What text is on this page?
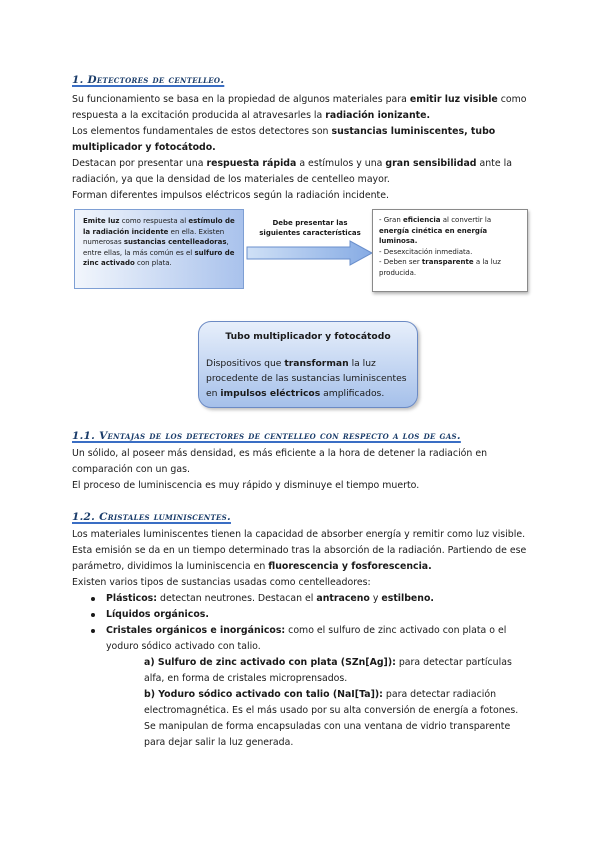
1. Detectores de centelleo.

Su funcionamiento se basa en la propiedad de algunos materiales para emitir luz visible como respuesta a la excitación producida al atravesarles la radiación ionizante.

Los elementos fundamentales de estos detectores son sustancias luminiscentes, tubo multiplicador y fotocátodo.

Destacan por presentar una respuesta rápida a estímulos y una gran sensibilidad ante la radiación, ya que la densidad de los materiales de centelleo mayor.

Forman diferentes impulsos eléctricos según la radiación incidente.

Emite luz como respuesta al estímulo de la radiación incidente en ella. Existen numerosas sustancias centelleadoras, entre ellas, la más común es el sulfuro de zinc activado con plata.
Debe presentar las siguientes características

- Gran eficiencia al convertir la energía cinética en energía luminosa.

- Desexcitación inmediata.

- Deben ser transparente a la luz producida.

Tubo multiplicador y fotocátodo
Dispositivos que transforman la luz procedente de las sustancias luminiscentes en impulsos eléctricos amplificados.
1.1. Ventajas de los detectores de centelleo con respecto a los de gas.

Un sólido, al poseer más densidad, es más eficiente a la hora de detener la radiación en comparación con un gas.

El proceso de luminiscencia es muy rápido y disminuye el tiempo muerto.

1.2. Cristales luminiscentes.

Los materiales luminiscentes tienen la capacidad de absorber energía y remitir como luz visible.

Esta emisión se da en un tiempo determinado tras la absorción de la radiación. Partiendo de ese parámetro, dividimos la luminiscencia en fluorescencia y fosforescencia.

Existen varios tipos de sustancias usadas como centelleadores:

Plásticos: detectan neutrones. Destacan el antraceno y estilbeno.
Líquidos orgánicos.
Cristales orgánicos e inorgánicos: como el sulfuro de zinc activado con plata o el yoduro sódico activado con talio.

a) Sulfuro de zinc activado con plata (SZn[Ag]): para detectar partículas alfa, en forma de cristales microprensados.

b) Yoduro sódico activado con talio (NaI[Ta]): para detectar radiación electromagnética. Es el más usado por su alta conversión de energía a fotones. Se manipulan de forma encapsuladas con una ventana de vidrio transparente para dejar salir la luz generada.
